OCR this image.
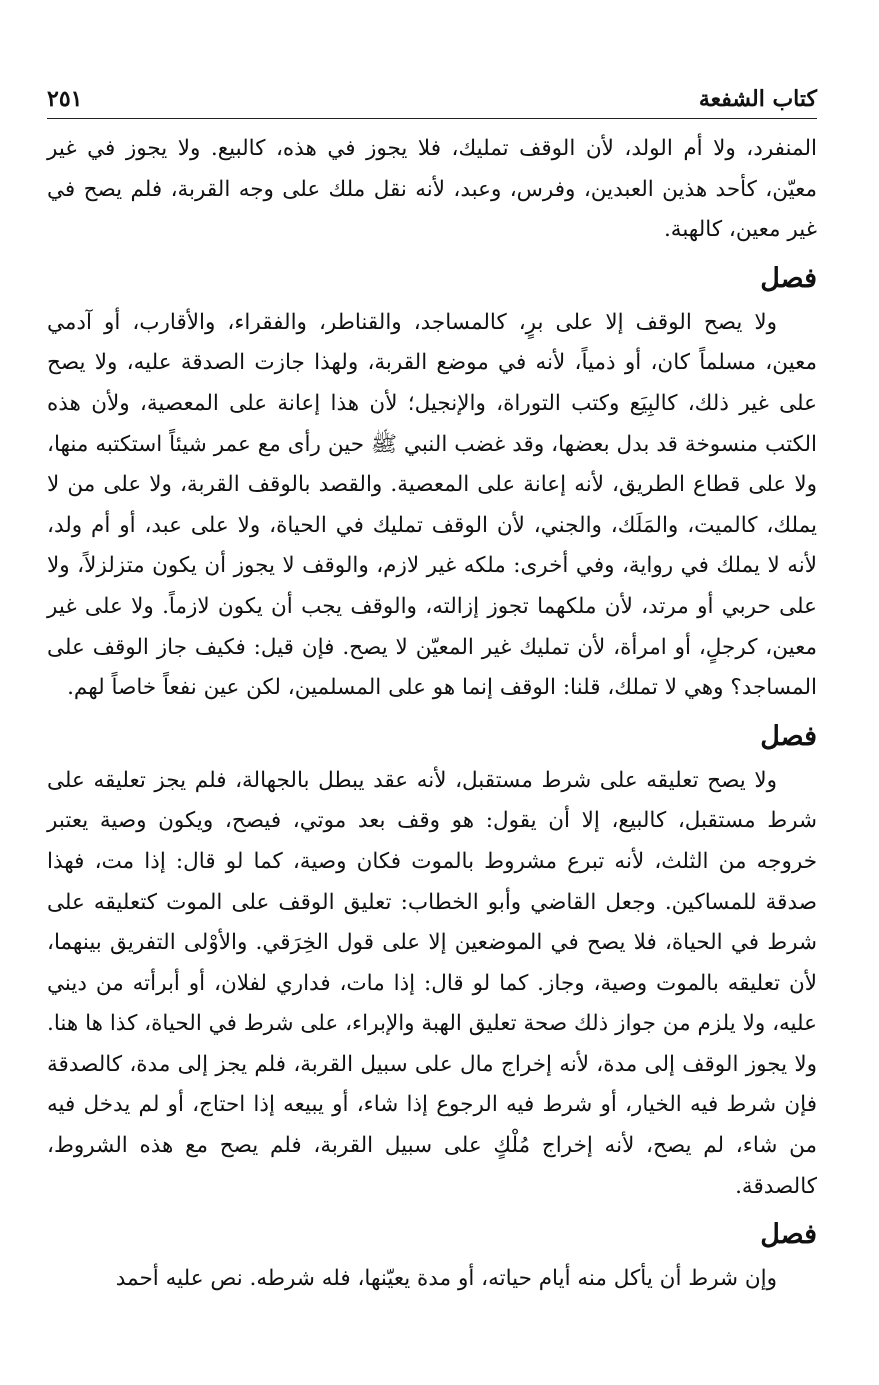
كتاب الشفعة
٢٥١

المنفرد، ولا أم الولد، لأن الوقف تمليك، فلا يجوز في هذه، كالبيع. ولا يجوز في غير معيّن، كأحد هذين العبدين، وفرس، وعبد، لأنه نقل ملك على وجه القربة، فلم يصح في غير معين، كالهبة.

فصل

ولا يصح الوقف إلا على برٍ، كالمساجد، والقناطر، والفقراء، والأقارب، أو آدمي معين، مسلماً كان، أو ذمياً، لأنه في موضع القربة، ولهذا جازت الصدقة عليه، ولا يصح على غير ذلك، كالبِيَع وكتب التوراة، والإنجيل؛ لأن هذا إعانة على المعصية، ولأن هذه الكتب منسوخة قد بدل بعضها، وقد غضب النبي ﷺ حين رأى مع عمر شيئاً استكتبه منها، ولا على قطاع الطريق، لأنه إعانة على المعصية. والقصد بالوقف القربة، ولا على من لا يملك، كالميت، والمَلَك، والجني، لأن الوقف تمليك في الحياة، ولا على عبد، أو أم ولد، لأنه لا يملك في رواية، وفي أخرى: ملكه غير لازم، والوقف لا يجوز أن يكون متزلزلاً، ولا على حربي أو مرتد، لأن ملكهما تجوز إزالته، والوقف يجب أن يكون لازماً. ولا على غير معين، كرجلٍ، أو امرأة، لأن تمليك غير المعيّن لا يصح. فإن قيل: فكيف جاز الوقف على المساجد؟ وهي لا تملك، قلنا: الوقف إنما هو على المسلمين، لكن عين نفعاً خاصاً لهم.

فصل

ولا يصح تعليقه على شرط مستقبل، لأنه عقد يبطل بالجهالة، فلم يجز تعليقه على شرط مستقبل، كالبيع، إلا أن يقول: هو وقف بعد موتي، فيصح، ويكون وصية يعتبر خروجه من الثلث، لأنه تبرع مشروط بالموت فكان وصية، كما لو قال: إذا مت، فهذا صدقة للمساكين. وجعل القاضي وأبو الخطاب: تعليق الوقف على الموت كتعليقه على شرط في الحياة، فلا يصح في الموضعين إلا على قول الخِرَقي. والأوْلى التفريق بينهما، لأن تعليقه بالموت وصية، وجاز. كما لو قال: إذا مات، فداري لفلان، أو أبرأته من ديني عليه، ولا يلزم من جواز ذلك صحة تعليق الهبة والإبراء، على شرط في الحياة، كذا ها هنا. ولا يجوز الوقف إلى مدة، لأنه إخراج مال على سبيل القربة، فلم يجز إلى مدة، كالصدقة فإن شرط فيه الخيار، أو شرط فيه الرجوع إذا شاء، أو يبيعه إذا احتاج، أو لم يدخل فيه من شاء، لم يصح، لأنه إخراج مُلْكٍ على سبيل القربة، فلم يصح مع هذه الشروط، كالصدقة.

فصل

وإن شرط أن يأكل منه أيام حياته، أو مدة يعيّنها، فله شرطه. نص عليه أحمد
